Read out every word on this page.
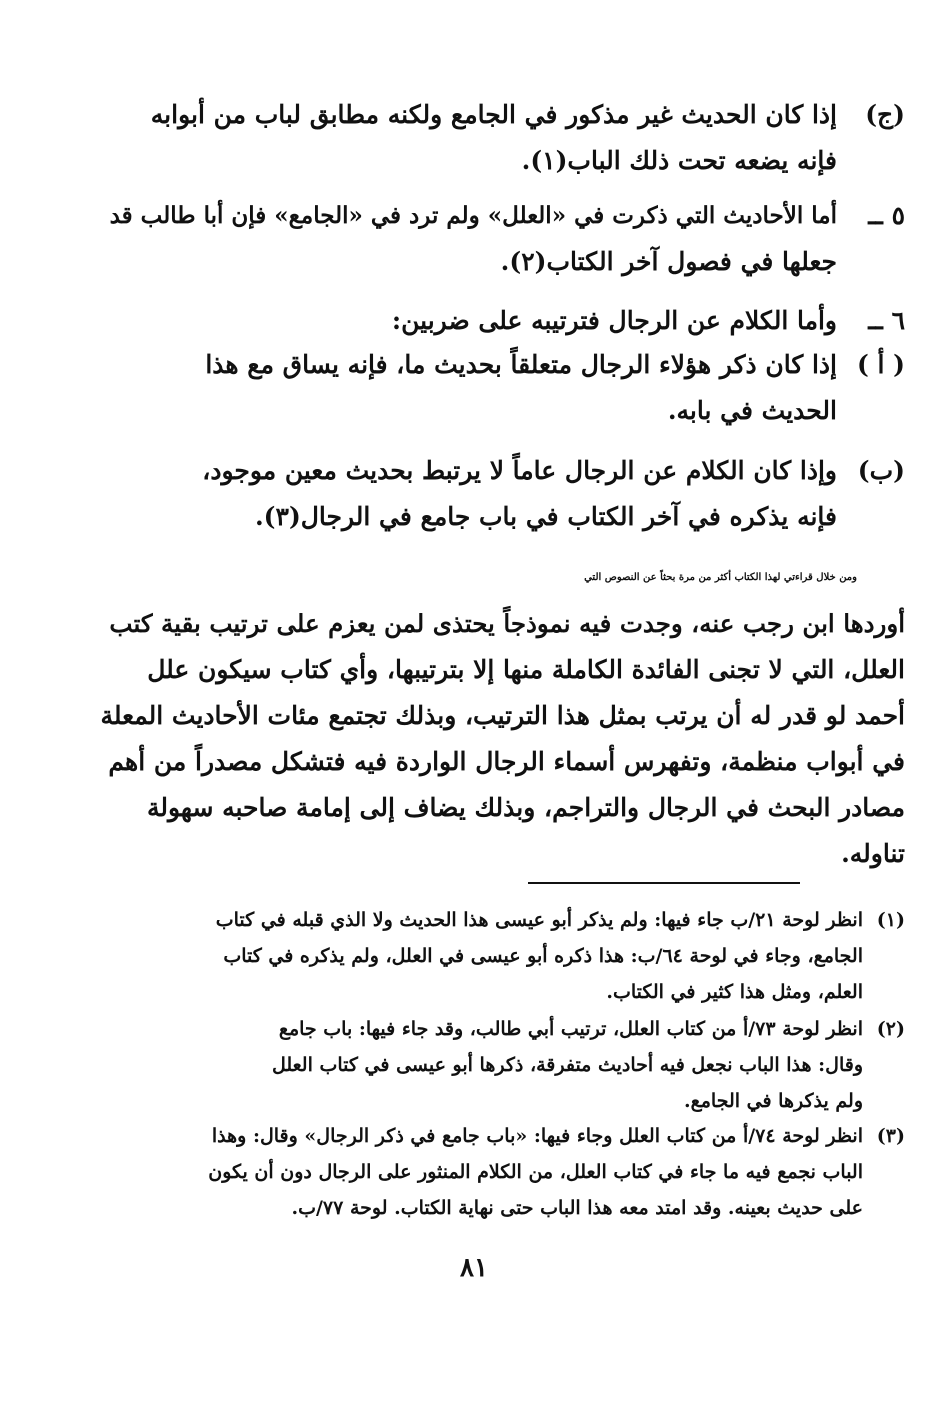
(ج)
إذا كان الحديث غير مذكور في الجامع ولكنه مطابق لباب من أبوابه
فإنه يضعه تحت ذلك الباب(١).
٥ ــ
أما الأحاديث التي ذكرت في «العلل» ولم ترد في «الجامع» فإن أبا طالب قد
جعلها في فصول آخر الكتاب(٢).
٦ ــ
وأما الكلام عن الرجال فترتيبه على ضربين:
( أ )
إذا كان ذكر هؤلاء الرجال متعلقاً بحديث ما، فإنه يساق مع هذا
الحديث في بابه.
(ب)
وإذا كان الكلام عن الرجال عاماً لا يرتبط بحديث معين موجود،
فإنه يذكره في آخر الكتاب في باب جامع في الرجال(٣).
ومن خلال قراءتي لهذا الكتاب أكثر من مرة بحثاً عن النصوص التي
أوردها ابن رجب عنه، وجدت فيه نموذجاً يحتذى لمن يعزم على ترتيب بقية كتب
العلل، التي لا تجنى الفائدة الكاملة منها إلا بترتيبها، وأي كتاب سيكون علل
أحمد لو قدر له أن يرتب بمثل هذا الترتيب، وبذلك تجتمع مئات الأحاديث المعلة
في أبواب منظمة، وتفهرس أسماء الرجال الواردة فيه فتشكل مصدراً من أهم
مصادر البحث في الرجال والتراجم، وبذلك يضاف إلى إمامة صاحبه سهولة
تناوله.
(١)
انظر لوحة ٢١/ب جاء فيها: ولم يذكر أبو عيسى هذا الحديث ولا الذي قبله في كتاب
الجامع، وجاء في لوحة ٦٤/ب: هذا ذكره أبو عيسى في العلل، ولم يذكره في كتاب
العلم، ومثل هذا كثير في الكتاب.
(٢)
انظر لوحة ٧٣/أ من كتاب العلل، ترتيب أبي طالب، وقد جاء فيها: باب جامع
وقال: هذا الباب نجعل فيه أحاديث متفرقة، ذكرها أبو عيسى في كتاب العلل
ولم يذكرها في الجامع.
(٣)
انظر لوحة ٧٤/أ من كتاب العلل وجاء فيها: «باب جامع في ذكر الرجال» وقال: وهذا
الباب نجمع فيه ما جاء في كتاب العلل، من الكلام المنثور على الرجال دون أن يكون
على حديث بعينه. وقد امتد معه هذا الباب حتى نهاية الكتاب. لوحة ٧٧/ب.
٨١
